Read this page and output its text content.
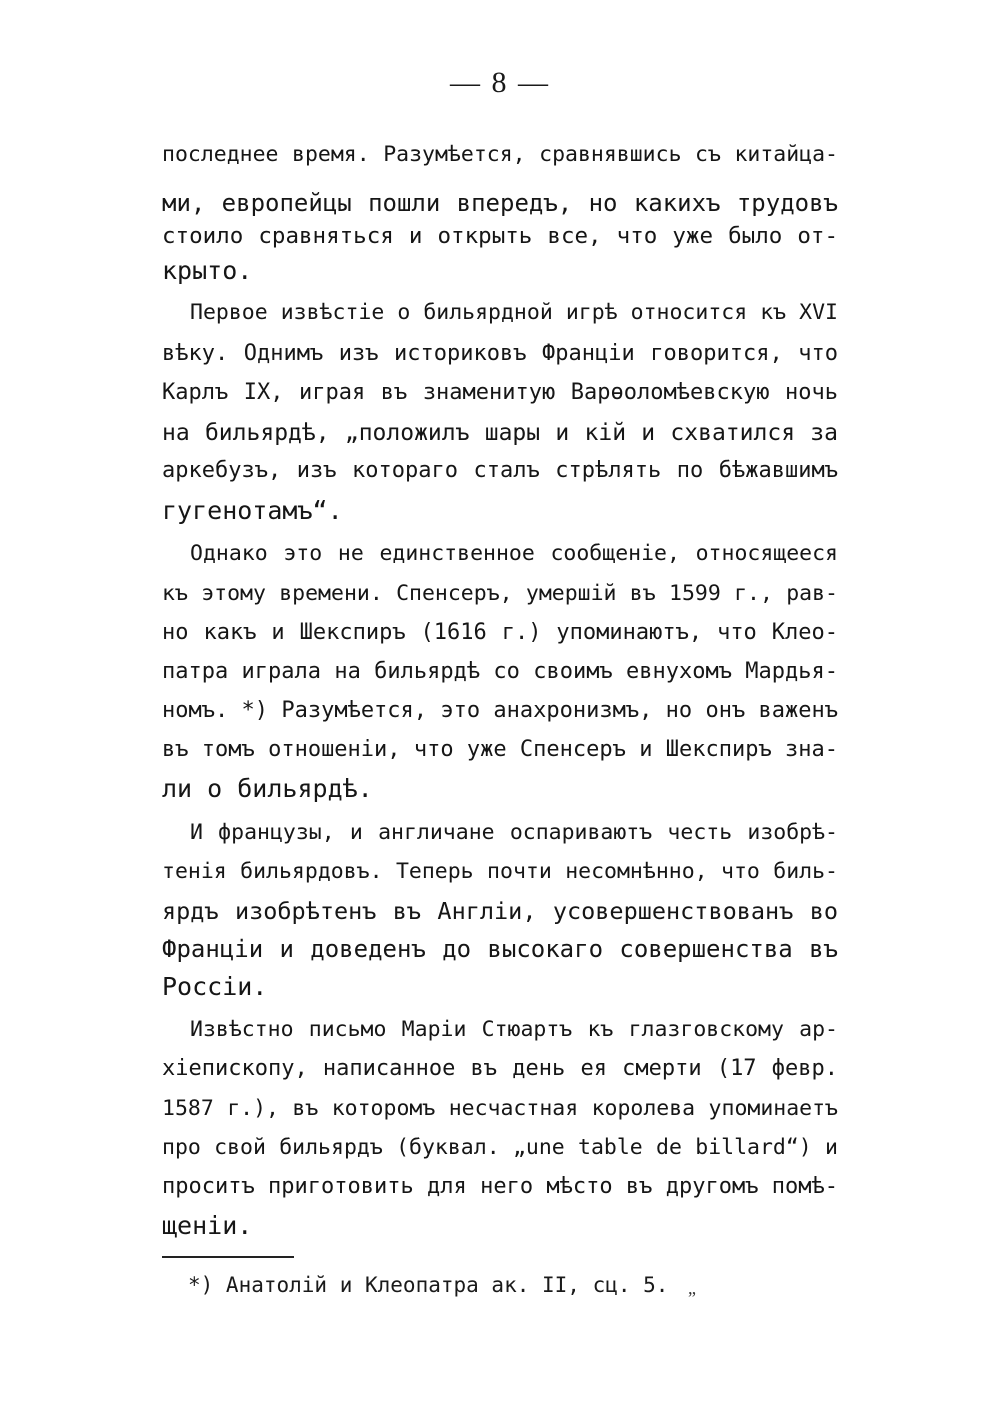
— 8 —
последнее время. Разумѣется, сравнявшись съ китайца-
ми, европейцы пошли впередъ, но какихъ трудовъ
стоило сравняться и открыть все, что уже было от-
крыто.
Первое извѣстіе о бильярдной игрѣ относится къ XVI
вѣку. Однимъ изъ историковъ Франціи говорится, что
Карлъ IX, играя въ знаменитую Варѳоломѣевскую ночь
на бильярдѣ, „положилъ шары и кій и схватился за
аркебузъ, изъ котораго сталъ стрѣлять по бѣжавшимъ
гугенотамъ“.
Однако это не единственное сообщеніе, относящееся
къ этому времени. Спенсеръ, умершій въ 1599 г., рав-
но какъ и Шекспиръ (1616 г.) упоминаютъ, что Клео-
патра играла на бильярдѣ со своимъ евнухомъ Мардья-
номъ. *) Разумѣется, это анахронизмъ, но онъ важенъ
въ томъ отношеніи, что уже Спенсеръ и Шекспиръ зна-
ли о бильярдѣ.
И французы, и англичане оспариваютъ честь изобрѣ-
тенія бильярдовъ. Теперь почти несомнѣнно, что биль-
ярдъ изобрѣтенъ въ Англіи, усовершенствованъ во
Франціи и доведенъ до высокаго совершенства въ
Россіи.
Извѣстно письмо Маріи Стюартъ къ глазговскому ар-
хіепископу, написанное въ день ея смерти (17 февр.
1587 г.), въ которомъ несчастная королева упоминаетъ
про свой бильярдъ (буквал. „une table de billard“) и
проситъ приготовить для него мѣсто въ другомъ помѣ-
щеніи.
*) Анатолій и Клеопатра ак. II, сц. 5. „
